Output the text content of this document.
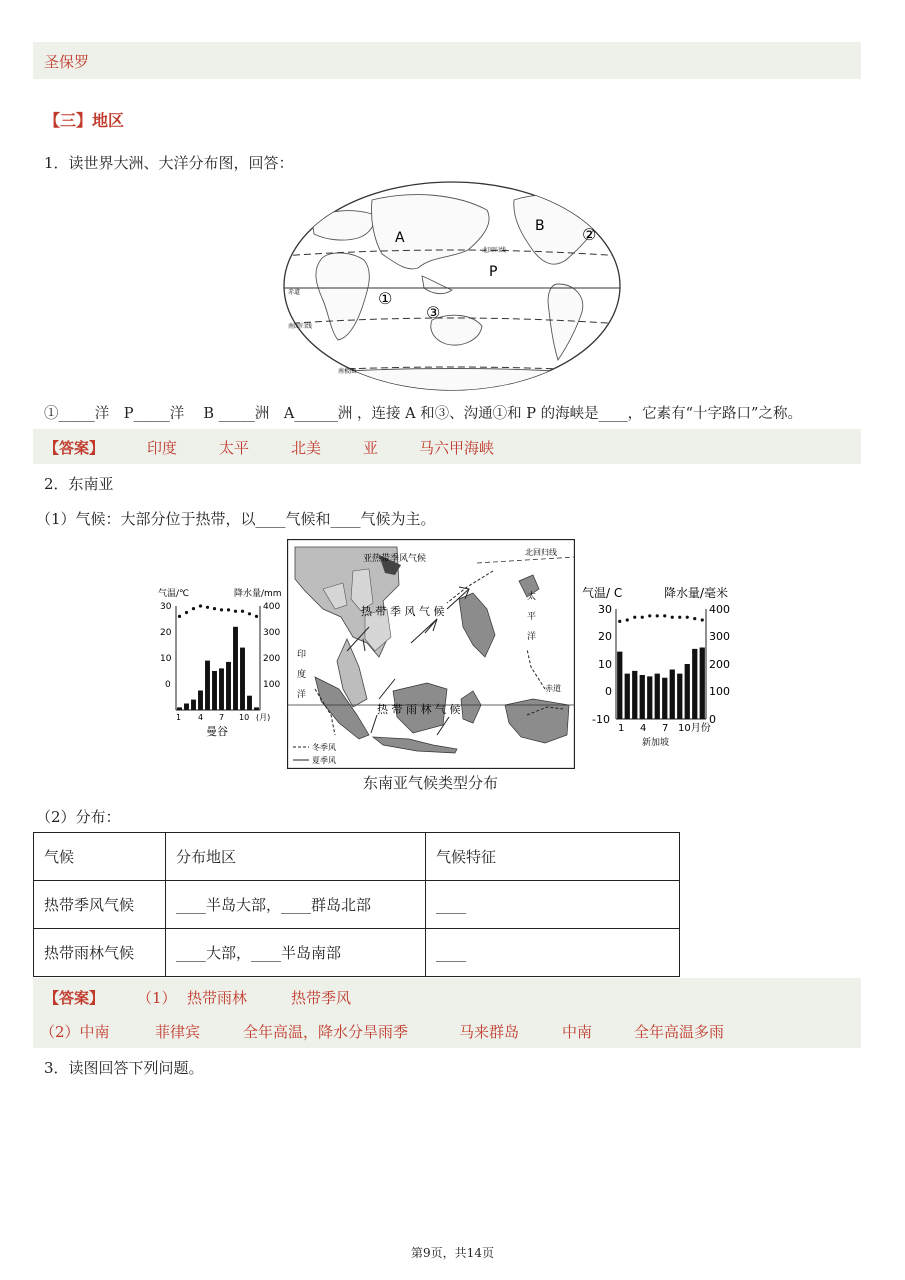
圣保罗
【三】地区
1．读世界大洲、大洋分布图，回答：
A
B
P
①
②
③
北回归线
赤道
南回归线
南极圈
①_____洋　P_____洋　 B _____洲　A______洲 ，连接 A 和③、沟通①和 P 的海峡是____，它素有“十字路口”之称。
【答案】	印度	太平	北美	亚	马六甲海峡
2．东南亚
（1）气候：大部分位于热带，以____气候和____气候为主。
气温/℃	降水量/mm
30
20
10
0
400
300
200
100
1 4 7 10 (月)
曼谷
亚热带季风气候
北回归线
热 带 季 风 气 候
热 带 雨 林 气 候
赤道
太
平
洋
印
度
洋
冬季风
夏季风
东南亚气候类型分布
气温/ C	降水量/毫米
30
20
10
0
-10
400
300
200
100
0
1 4 7 10月份
新加坡
（2）分布：
气候	分布地区	气候特征
热带季风气候	____半岛大部，____群岛北部	____
热带雨林气候	____大部，____半岛南部	____
【答案】 （1） 热带雨林	热带季风
（2）中南	菲律宾	全年高温，降水分旱雨季	马来群岛	中南	全年高温多雨
3．读图回答下列问题。
第9页，共14页
